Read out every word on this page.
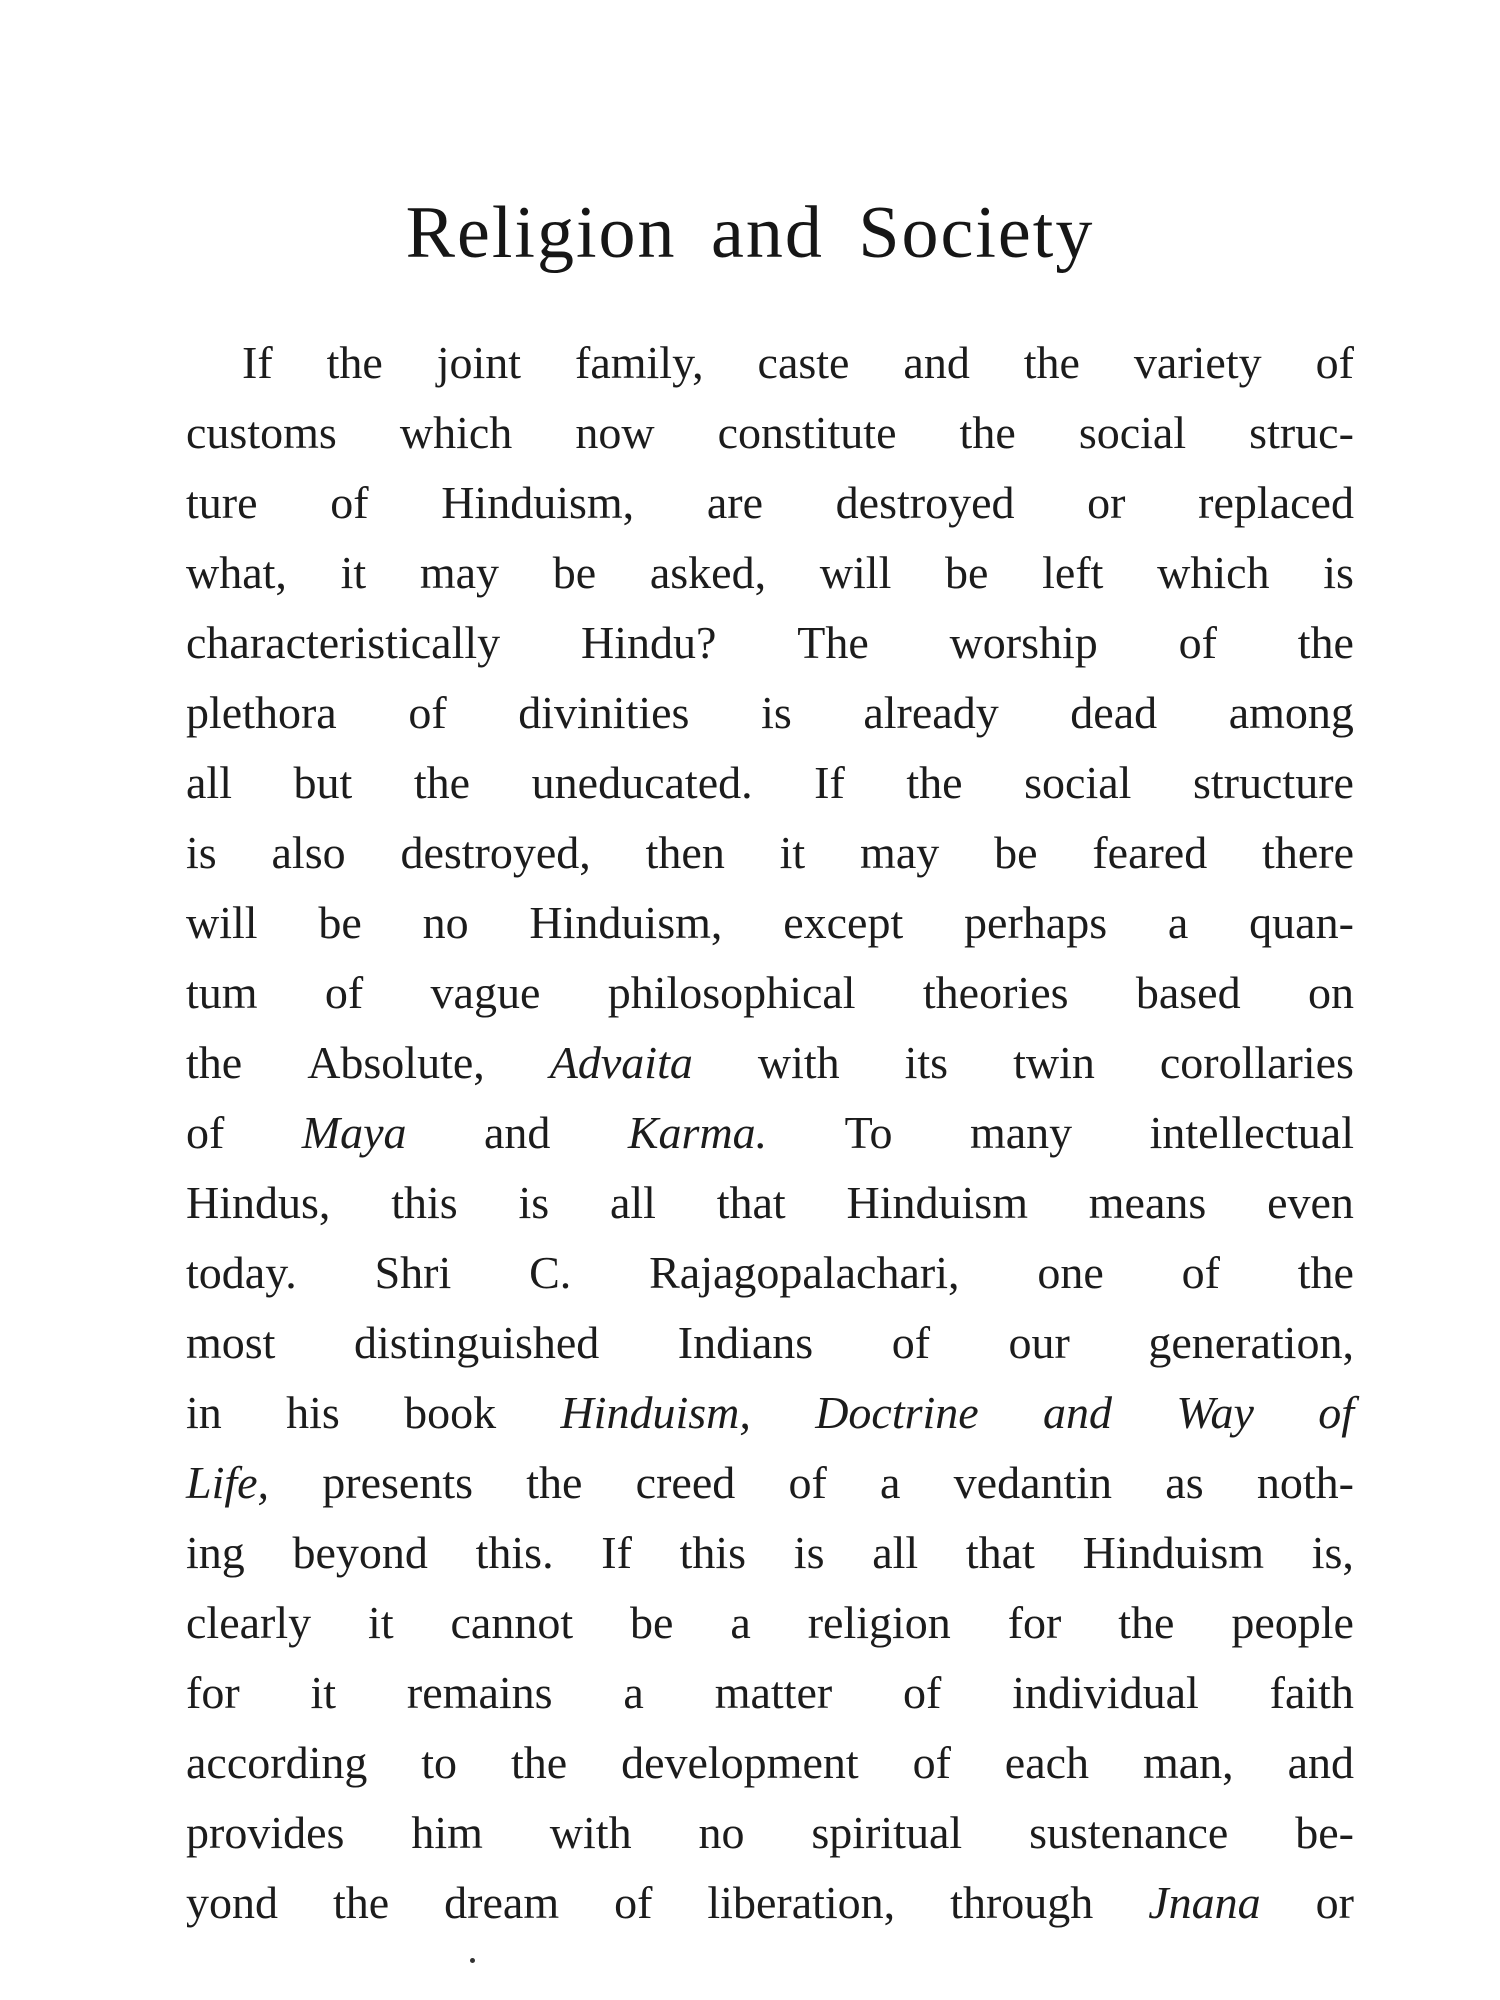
Religion and Society
If the joint family, caste and the variety of
customs which now constitute the social struc-
ture of Hinduism, are destroyed or replaced
what, it may be asked, will be left which is
characteristically Hindu? The worship of the
plethora of divinities is already dead among
all but the uneducated. If the social structure
is also destroyed, then it may be feared there
will be no Hinduism, except perhaps a quan-
tum of vague philosophical theories based on
the Absolute, Advaita with its twin corollaries
of Maya and Karma. To many intellectual
Hindus, this is all that Hinduism means even
today. Shri C. Rajagopalachari, one of the
most distinguished Indians of our generation,
in his book Hinduism, Doctrine and Way of
Life, presents the creed of a vedantin as noth-
ing beyond this. If this is all that Hinduism is,
clearly it cannot be a religion for the people
for it remains a matter of individual faith
according to the development of each man, and
provides him with no spiritual sustenance be-
yond the dream of liberation, through Jnana or
